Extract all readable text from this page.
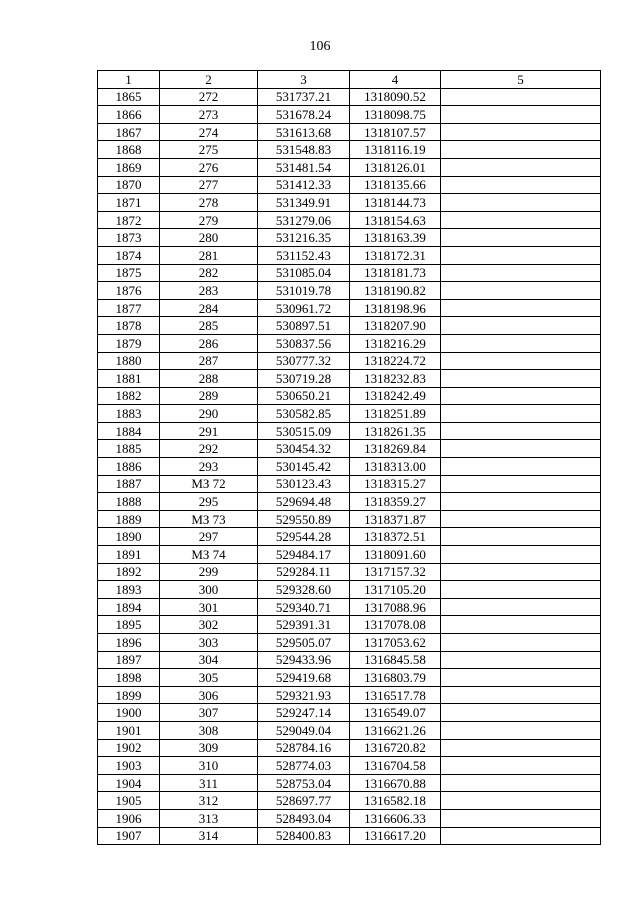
106
1	2	3	4	5
1865	272	531737.21	1318090.52	
1866	273	531678.24	1318098.75	
1867	274	531613.68	1318107.57	
1868	275	531548.83	1318116.19	
1869	276	531481.54	1318126.01	
1870	277	531412.33	1318135.66	
1871	278	531349.91	1318144.73	
1872	279	531279.06	1318154.63	
1873	280	531216.35	1318163.39	
1874	281	531152.43	1318172.31	
1875	282	531085.04	1318181.73	
1876	283	531019.78	1318190.82	
1877	284	530961.72	1318198.96	
1878	285	530897.51	1318207.90	
1879	286	530837.56	1318216.29	
1880	287	530777.32	1318224.72	
1881	288	530719.28	1318232.83	
1882	289	530650.21	1318242.49	
1883	290	530582.85	1318251.89	
1884	291	530515.09	1318261.35	
1885	292	530454.32	1318269.84	
1886	293	530145.42	1318313.00	
1887	МЗ 72	530123.43	1318315.27	
1888	295	529694.48	1318359.27	
1889	МЗ 73	529550.89	1318371.87	
1890	297	529544.28	1318372.51	
1891	МЗ 74	529484.17	1318091.60	
1892	299	529284.11	1317157.32	
1893	300	529328.60	1317105.20	
1894	301	529340.71	1317088.96	
1895	302	529391.31	1317078.08	
1896	303	529505.07	1317053.62	
1897	304	529433.96	1316845.58	
1898	305	529419.68	1316803.79	
1899	306	529321.93	1316517.78	
1900	307	529247.14	1316549.07	
1901	308	529049.04	1316621.26	
1902	309	528784.16	1316720.82	
1903	310	528774.03	1316704.58	
1904	311	528753.04	1316670.88	
1905	312	528697.77	1316582.18	
1906	313	528493.04	1316606.33	
1907	314	528400.83	1316617.20	
